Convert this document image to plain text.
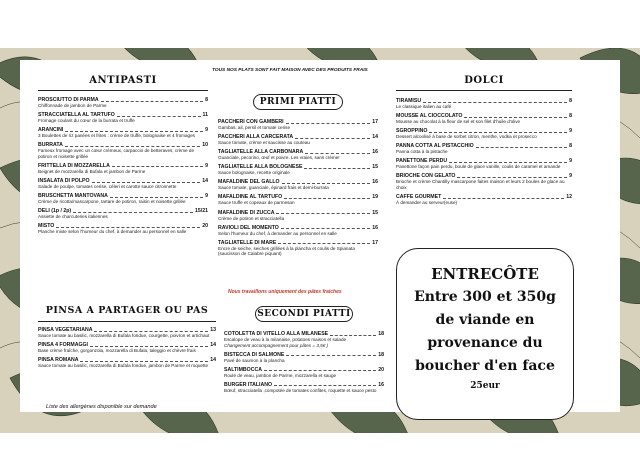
TOUS NOS PLATS SONT FAIT MAISON AVEC DES PRODUITS FRAIS
ANTIPASTI
PROSCIUTTO DI PARMA	8
Chiffonnade de jambon de Parme
STRACCIATELLA AL TARTUFO	11
Fromage coulant du cœur de la burrata et truffe
ARANCINI	9
3 Boulettes de riz panées et frites : crème de truffe, bolognaise et 4 fromages
BURRATA	10
Fameux fromage avec un cœur crémeux, carpaccio de betteraves, crème de potiron et noisette grillée
FRITTELLA DI MOZZARELLA	9
Beignet de mozzarella di Bufala et jambon de Parme
INSALATA DI POLPO	14
Salade de poulpe, tomates cerise, céleri et carotte sauce citronnette
BRUSCHETTA MANTOVANA	9
Crème de ricotta/mascarpone, tartare de potiron, raisin et noisette grillée
DELI (1p / 2p)	15/21
Assiette de charcuteries italiennes
MISTO	20
Planche mixte selon l'humeur du chef, à demander au personnel en salle
PINSA A PARTAGER OU PAS
PINSA VEGETARIANA	13
Sauce tomate au basilic, mozzarella di Bufala fondue, courgette, poivron et artichaut
PINSA 4 FORMAGGI	14
Base crème fraîche, gorgonzola, mozzarella di Bufala, taleggio et chèvre frais
PINSA ROMANA	14
Sauce tomate au basilic, mozzarella di Bufala fondue, jambon de Parme et roquette
Liste des allergènes disponible sur demande
PRIMI PIATTI
PACCHERI CON GAMBERI	17
Gambas, ail, persil et tomate cerise
PACCHERI ALLA CARCERATA	14
Sauce tomate, crème et saucisse au couteau
TAGLIATELLE ALLA CARBONARA	16
Guanciale, pecorino, œuf et poivre. Les vraies, sans crème!
TAGLIATELLE ALLA BOLOGNESE	15
Sauce bolognaise, recette originale
MAFALDINE DEL GALLO	16
Sauce tomate, guanciale, épinard frais et demi-burrata
MAFALDINE AL TARTUFO	19
Sauce truffe et copeaux de parmesan
MAFALDINE DI ZUCCA	15
Crème de potiron et stracciatella
RAVIOLI DEL MOMENTO	16
Selon l'humeur du chef, à demander au personnel en salle
TAGLIATELLE DI MARE	17
Encre de seiche, seiches grillées à la plancha et coulis de Spianata (saucisson de Calabre piquant)
Nous travaillons uniquement des pâtes fraiches
SECONDI PIATTI
COTOLETTA DI VITELLO ALLA MILANESE	18
Escalope de veau à la milanaise, potatoes maison et salade
Changement accompagnement pour pâtes = 3,5€ )
BISTECCA DI SALMONE	18
Pavé de saumon à la plancha
SALTIMBOCCA	20
Roulé de veau, jambon de Parme, mozzarella et sauge
BURGER ITALIANO	16
Bœuf, stracciatella ,compotée de tomates confites, roquette et sauce pesto
DOLCI
TIRAMISU	8
Le classique italien au café
MOUSSE AL CIOCCOLATO	8
Mousse au chocolat à la fleur de sel et son filet d'huile d'olive
SGROPPINO	9
Dessert alcoolisé à base de sorbet citron, menthe, vodka et prosecco
PANNA COTTA AL PISTACCHIO	8
Panna cotta à la pistache
PANETTONE PERDU	9
Panettone façon pain perdu, boule de glace vanille, coulis de caramel et amande
BRIOCHE CON GELATO	9
Brioche et crème Chantilly mascarpone faites maison et leurs 2 boules de glace au choix
CAFFE GOURMET	12
À demander au serveur(euse)
ENTRECÔTE
Entre 300 et 350g
de viande en
provenance du
boucher d'en face
25eur
